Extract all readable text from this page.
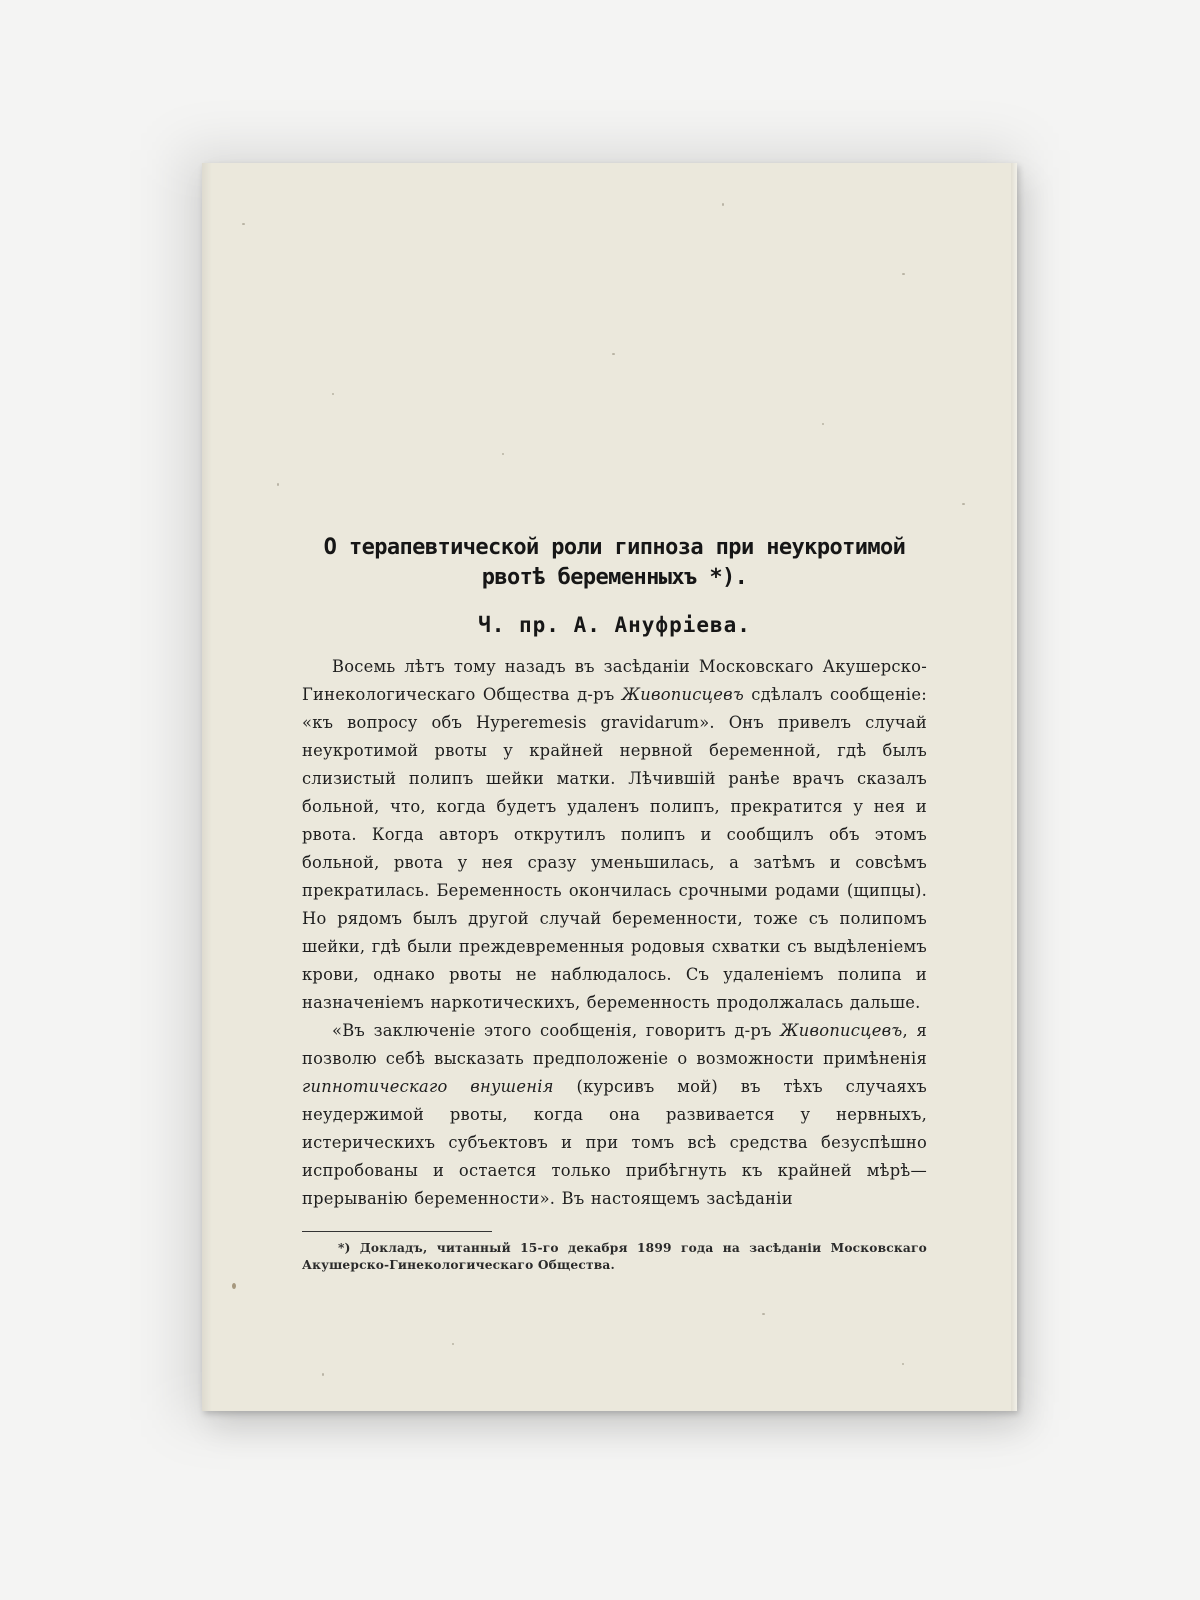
О терапевтической роли гипноза при неукротимой рвотѣ беременныхъ *).
Ч. пр. А. Ануфріева.

Восемь лѣтъ тому назадъ въ засѣданіи Московскаго Акушерско-Гинекологическаго Общества д-ръ Живописцевъ сдѣлалъ сообщеніе: «къ вопросу объ Hyperemesis gravidarum». Онъ привелъ случай неукротимой рвоты у крайней нервной беременной, гдѣ былъ слизистый полипъ шейки матки. Лѣчившій ранѣе врачъ сказалъ больной, что, когда будетъ удаленъ полипъ, прекратится у нея и рвота. Когда авторъ открутилъ полипъ и сообщилъ объ этомъ больной, рвота у нея сразу уменьшилась, а затѣмъ и совсѣмъ прекратилась. Беременность окончилась срочными родами (щипцы). Но рядомъ былъ другой случай беременности, тоже съ полипомъ шейки, гдѣ были преждевременныя родовыя схватки съ выдѣленіемъ крови, однако рвоты не наблюдалось. Съ удаленіемъ полипа и назначеніемъ наркотическихъ, беременность продолжалась дальше.

«Въ заключеніе этого сообщенія, говоритъ д-ръ Живописцевъ, я позволю себѣ высказать предположеніе о возможности примѣненія гипнотическаго внушенія (курсивъ мой) въ тѣхъ случаяхъ неудержимой рвоты, когда она развивается у нервныхъ, истерическихъ субъектовъ и при томъ всѣ средства безуспѣшно испробованы и остается только прибѣгнуть къ крайней мѣрѣ—прерыванію беременности». Въ настоящемъ засѣданіи

*) Докладъ, читанный 15-го декабря 1899 года на засѣданіи Московскаго Акушерско-Гинекологическаго Общества.
